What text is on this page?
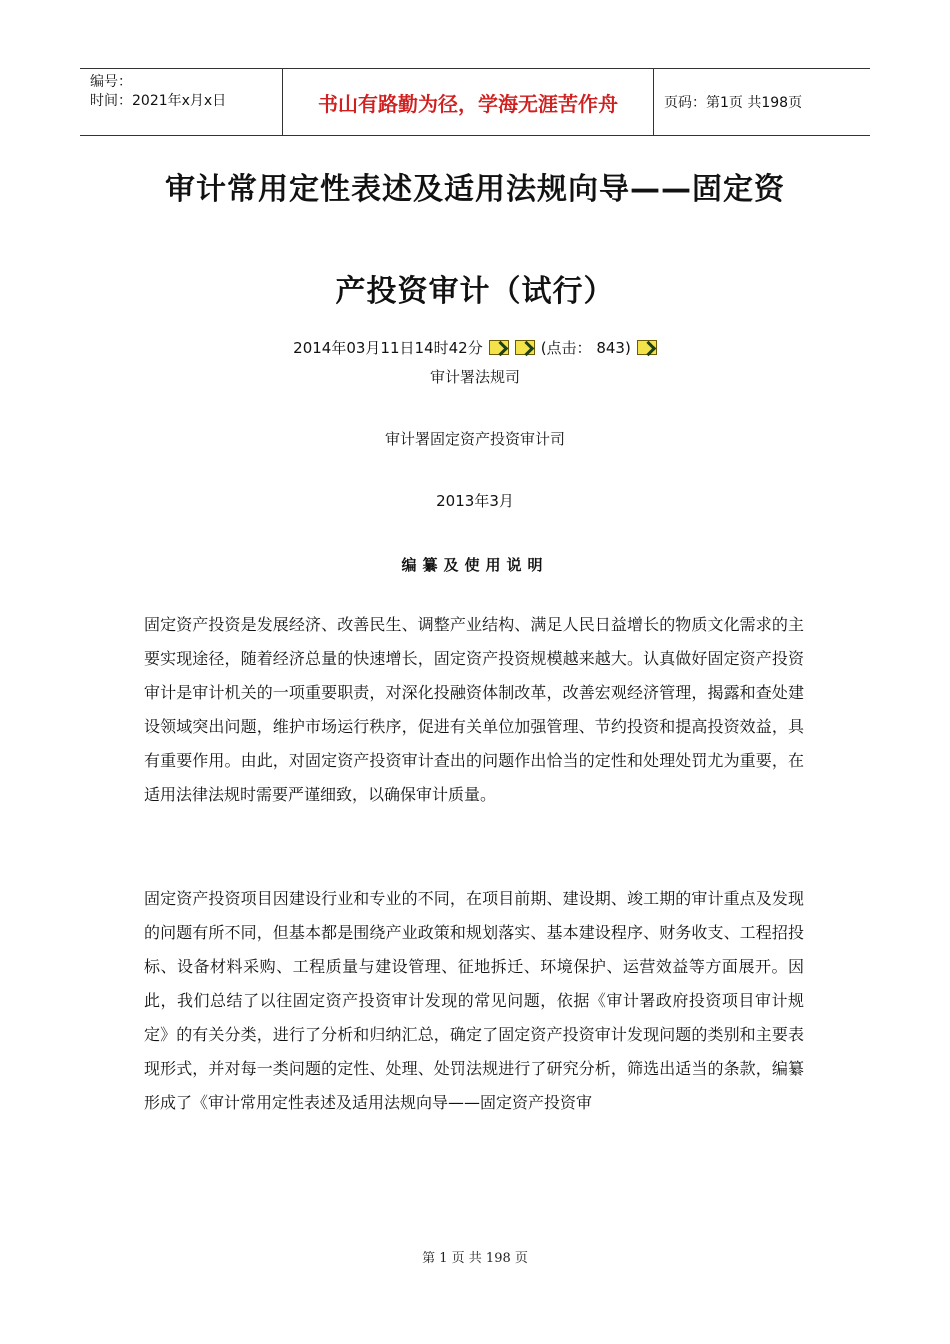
编号：
时间：2021年x月x日	书山有路勤为径，学海无涯苦作舟	页码：第1页 共198页
审计常用定性表述及适用法规向导——固定资
产投资审计（试行）
2014年03月11日14时42分	(点击： 843)
审计署法规司
审计署固定资产投资审计司
2013年3月
编纂及使用说明
固定资产投资是发展经济、改善民生、调整产业结构、满足人民日益增长的物质文化需求的主要实现途径，随着经济总量的快速增长，固定资产投资规模越来越大。认真做好固定资产投资审计是审计机关的一项重要职责，对深化投融资体制改革，改善宏观经济管理，揭露和查处建设领域突出问题，维护市场运行秩序，促进有关单位加强管理、节约投资和提高投资效益，具有重要作用。由此，对固定资产投资审计查出的问题作出恰当的定性和处理处罚尤为重要，在适用法律法规时需要严谨细致，以确保审计质量。
固定资产投资项目因建设行业和专业的不同，在项目前期、建设期、竣工期的审计重点及发现的问题有所不同，但基本都是围绕产业政策和规划落实、基本建设程序、财务收支、工程招投标、设备材料采购、工程质量与建设管理、征地拆迁、环境保护、运营效益等方面展开。因此，我们总结了以往固定资产投资审计发现的常见问题，依据《审计署政府投资项目审计规定》的有关分类，进行了分析和归纳汇总，确定了固定资产投资审计发现问题的类别和主要表现形式，并对每一类问题的定性、处理、处罚法规进行了研究分析，筛选出适当的条款，编纂形成了《审计常用定性表述及适用法规向导——固定资产投资审
第 1 页 共 198 页
